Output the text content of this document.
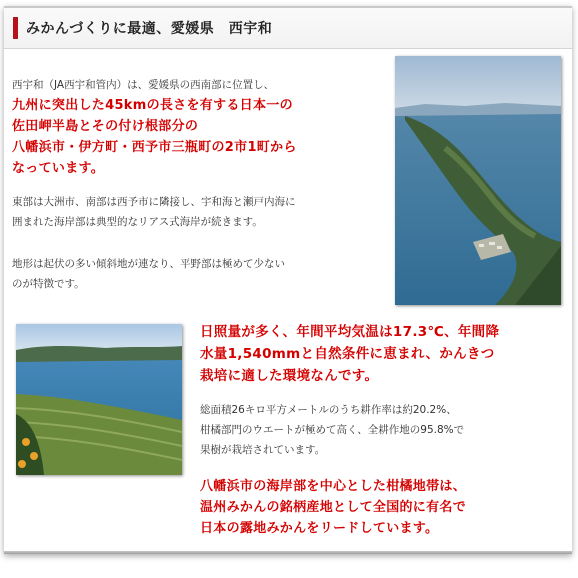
みかんづくりに最適、愛媛県　西宇和

西宇和（JA西宇和管内）は、愛媛県の西南部に位置し、

九州に突出した45kmの長さを有する日本一の

佐田岬半島とその付け根部分の

八幡浜市・伊方町・西予市三瓶町の2市1町から

なっています。

東部は大洲市、南部は西予市に隣接し、宇和海と瀬戸内海に

囲まれた海岸部は典型的なリアス式海岸が続きます。

地形は起伏の多い傾斜地が連なり、平野部は極めて少ない

のが特徴です。

日照量が多く、年間平均気温は17.3℃、年間降

水量1,540mmと自然条件に恵まれ、かんきつ

栽培に適した環境なんです。

総面積26キロ平方メートルのうち耕作率は約20.2%、

柑橘部門のウエートが極めて高く、全耕作地の95.8%で

果樹が栽培されています。

八幡浜市の海岸部を中心とした柑橘地帯は、

温州みかんの銘柄産地として全国的に有名で

日本の露地みかんをリードしています。
